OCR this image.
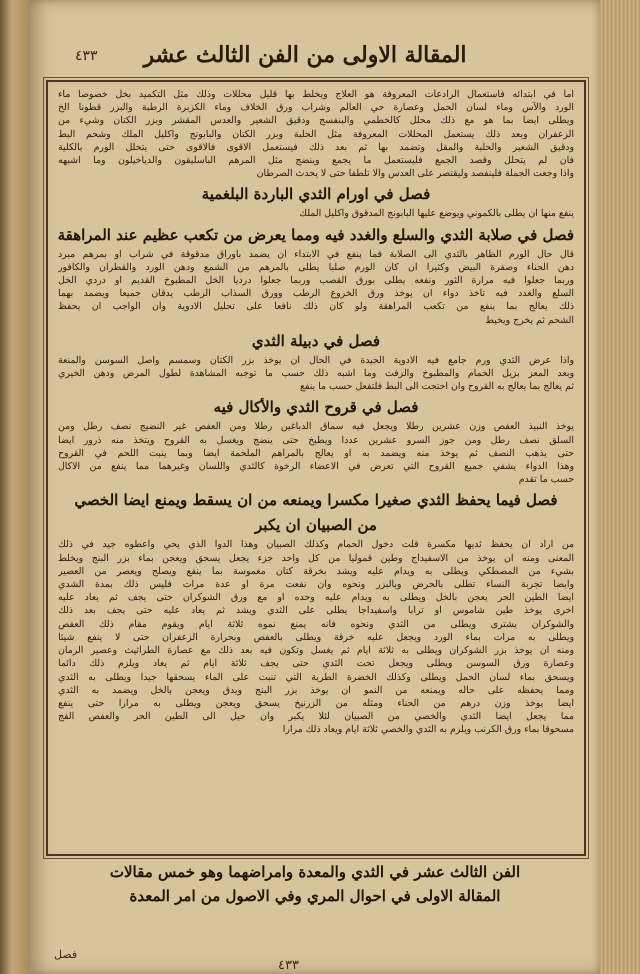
٤٣٣	المقالة الاولى من الفن الثالث عشر
اما في ابتدائه فاستعمال الرادعات المعروفة هو العلاج ويخلط بها قليل محللات وذلك مثل التكميد بخل خصوصا ماء
الورد والآس وماء لسان الحمل وعصارة حي العالم وشراب ورق الخلاف وماء الكزبرة الرطبة والبزر قطونا الخ
ويطلى ايضا بما هو مع ذلك محلل كالخطمي والبنفسج ودقيق الشعير والعدس المقشر وبزر الكتان وشيء من
الزعفران وبعد ذلك يستعمل المحللات المعروفة مثل الحلبة وبزر الكتان والبابونج واكليل الملك وشحم البط
ودقيق الشعير والحلبة والمقل وتضمد بها ثم بعد ذلك فيستعمل الاقوى فالاقوى حتى يتحلل الورم بالكلية
فان لم يتحلل وقصد الجمع فليستعمل ما يجمع وينضج مثل المرهم الباسليقون والدياخيلون وما اشبهه
واذا وجعت الجملة فلينفصد وليقتصر على العدس والا تلطفا حتى لا يحدث الصرطان
فصل في اورام الثدي الباردة البلغمية
ينفع منها ان يطلى بالكموني ويوضع عليها البابونج المدقوق واكليل الملك
فصل في صلابة الثدي والسلع والغدد فيه ومما يعرض من تكعب عظيم عند المراهقة
قال حال الورم الظاهر بالثدي الى الصلابة فما ينفع في الابتداء ان يضمد باوراق مدقوقة في شراب او بمرهم مبرد
دهن الحناء وصفرة البيض وكثيرا ان كان الورم صلبا يطلى بالمرهم من الشمع ودهن الورد والقطران والكافور
وربما جعلوا فيه مرارة الثور ونفعه يطلى بورق القصب وربما جعلوا درديا الخل المطبوخ القديم او دردي الخل
السلع والغدد فيه تاخذ دواء ان يوخذ ورق الخروع الرطب وورق السذاب الرطب يدقان جميعا ويضمد بهما
ذلك يعالج بما ينفع من تكعب المراهقة ولو كان ذلك نافعا على تحليل الادوية وان الواجب ان يحفظ
الشحم ثم يخرج ويخيط
فصل في دبيلة الثدي
واذا عرض الثدي ورم جامع فيه الادوية الجيدة في الحال ان يوخذ بزر الكتان وسمسم واصل السوسن والمنعة
وبعد المعز بزيل الحمام والمطبوخ والزفت وما اشبه ذلك حسب ما توجبه المشاهدة لطول المرض ودهن الخيري
ثم يعالج بما يعالج به القروح وان احتجت الى البط فلتفعل حسب ما ينفع
فصل في قروح الثدي والأكال فيه
يوخذ النبيذ العفص وزن عشرين رطلا ويجعل فيه سماق الدباغين رطلا ومن العفص غير النضيج نصف رطل ومن
السلق نصف رطل ومن جوز السرو عشرين عددا ويطبخ حتى ينضج ويغسل به القروح ويتخذ منه ذرور ايضا
حتى يذهب النصف ثم يوخذ منه ويضمد به او يعالج بالمراهم الملحمة ايضا وبما ينبت اللحم في القروح
وهذا الدواء يشفي جميع القروح التي تعرض في الاعضاء الرخوة كالثدي واللسان وغيرهما مما ينفع من الاكال
حسب ما تقدم
فصل فيما يحفظ الثدي صغيرا مكسرا ويمنعه من ان يسقط ويمنع ايضا الخصي
من الصبيان ان يكبر
من اراد ان يحفظ ثديها مكسرة قلت دخول الحمام وكذلك الصبيان وهذا الدوا الذي يحي واعطوه جيد في ذلك
المعنى ومنه ان يوخذ من الاسفيداج وطين قموليا من كل واحد جزء يجعل يسحق ويعجن بماء بزر البنج ويخلط
بشيء من المصطكي ويطلى به ويدام عليه ويشد بخرقة كتان مغموسة بما ينفع ويصلح ويعصر من العصير
وايضا تجربة النساء تطلى بالحرض وبالبزر ونحوه وان نفعت مرة او عدة مرات فليس ذلك بمدة الشدي
ايضا الطين الحر يعجن بالخل ويطلى به ويدام عليه وحده او مع ورق الشوكران حتى يجف ثم يعاد عليه
اخرى يوخذ طين شاموس او ترابا واسفيداجا يطلى على الثدي ويشد ثم يعاد عليه حتى يجف بعد ذلك
والشوكران يشترى ويطلى من الثدي ونحوه فانه يمنع نموه ثلاثة ايام ويقوم مقام ذلك العفص
ويطلى به مرات بماء الورد ويجعل عليه خرقة ويطلى بالعفص وبحرارة الزعفران حتى لا ينفع شيئا
ومنه ان يوخذ بزر الشوكران ويطلى به ثلاثة ايام ثم يغسل وتكون فيه بعد ذلك مع عصارة الطراثيث وعصير الرمان
وعصارة ورق السوسن ويطلى ويجعل تحت الثدي حتى يجف ثلاثة ايام ثم يعاد ويلزم ذلك دائما
ويسحق بماء لسان الحمل ويطلى وكذلك الخضرة الطرية التي تنبت على الماء يسحقها جيدا ويطلى به الثدي
ومما يحفظه على حاله ويمنعه من النمو ان يوخذ بزر البنج ويدق ويعجن بالخل ويضمد به الثدي
ايضا يوخذ وزن درهم من الحناء ومثله من الزرنيخ يسحق ويعجن ويطلى به مرارا حتى ينفع
مما يجعل ايضا الثدي والخصي من الصبيان لئلا يكبر وان حيل الى الطين الحر والعفص الفج
مسحوقا بماء ورق الكرنب ويلزم به الثدي والخصي ثلاثة ايام ويعاد ذلك مرارا
الفن الثالث عشر في الثدي والمعدة وامراضهما وهو خمس مقالات
المقالة الاولى في احوال المري وفي الاصول من امر المعدة
فصل
٤٣٣
